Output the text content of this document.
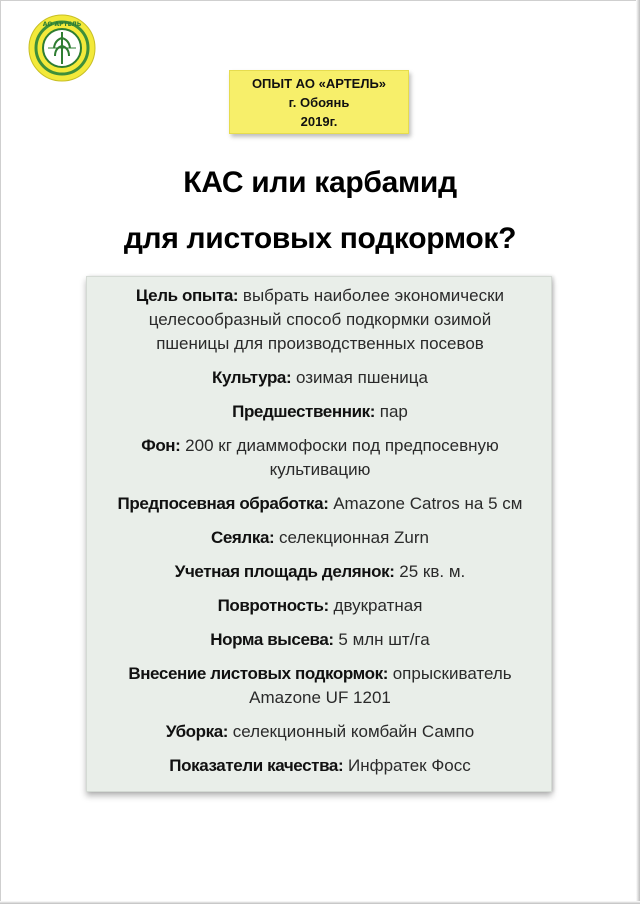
АО АРТЕЛЬ
ОПЫТ АО «АРТЕЛЬ»
г. Обоянь
2019г.
КАС или карбамид
для листовых подкормок?
Цель опыта: выбрать наиболее экономически
целесообразный способ подкормки озимой
пшеницы для производственных посевов
Культура: озимая пшеница
Предшественник: пар
Фон: 200 кг диаммофоски под предпосевную
культивацию
Предпосевная обработка: Amazone Catros на 5 см
Сеялка: селекционная Zurn
Учетная площадь делянок: 25 кв. м.
Повротность: двукратная
Норма высева: 5 млн шт/га
Внесение листовых подкормок: опрыскиватель
Amazone UF 1201
Уборка: селекционный комбайн Сампо
Показатели качества: Инфратек Фосс
